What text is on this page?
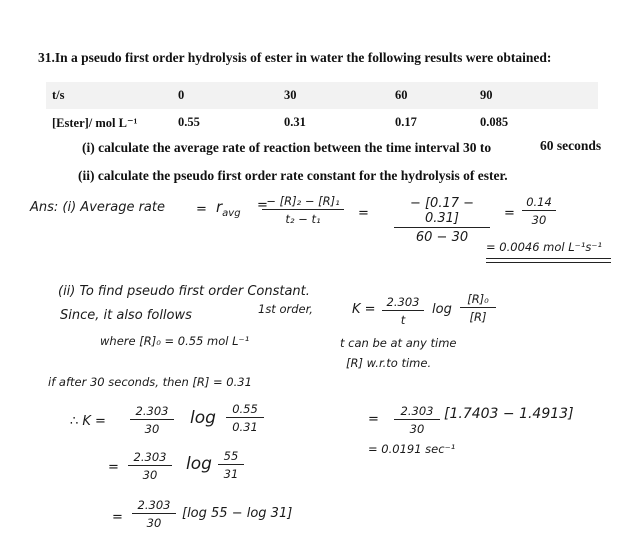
31.In a pseudo first order hydrolysis of ester in water the following results were obtained:
t/s	0	30	60	90
[Ester]/ mol L⁻¹	0.55	0.31	0.17	0.085
(i) calculate the average rate of reaction between the time interval 30 to	60 seconds
(ii) calculate the pseudo first order rate constant for the hydrolysis of ester.
Ans: (i) Average rate = $r_{avg}$
=
$\frac{\text{− [R]₂ − [R]₁}}{\text{t₂ − t₁}} = \frac{- [0.17 - 0.31]}{60 - 30} = \frac{0.14}{30}$
= 0.0046 mol L⁻¹s⁻¹
(ii) To find pseudo first order Constant.
Since, it also follows	1st order,	$K = \frac{2.303}{t}$ $\log \frac{\text{[R]₀}}{[R]}$
where [R]₀ = 0.55 mol L⁻¹	t can be at any time
[R] w.r.to time.
if after 30 seconds, then [R] = 0.31
∴ $K = \frac{2.303}{30}$ $\log \frac{0.55}{0.31}$
= $\frac{2.303}{30}$ $\log \frac{55}{31}$
= $\frac{2.303}{30} [\log$ 55 − log 31]
= $\frac{2.303}{30} [1.7403 - 1.4913]$
= 0.0191 sec⁻¹
